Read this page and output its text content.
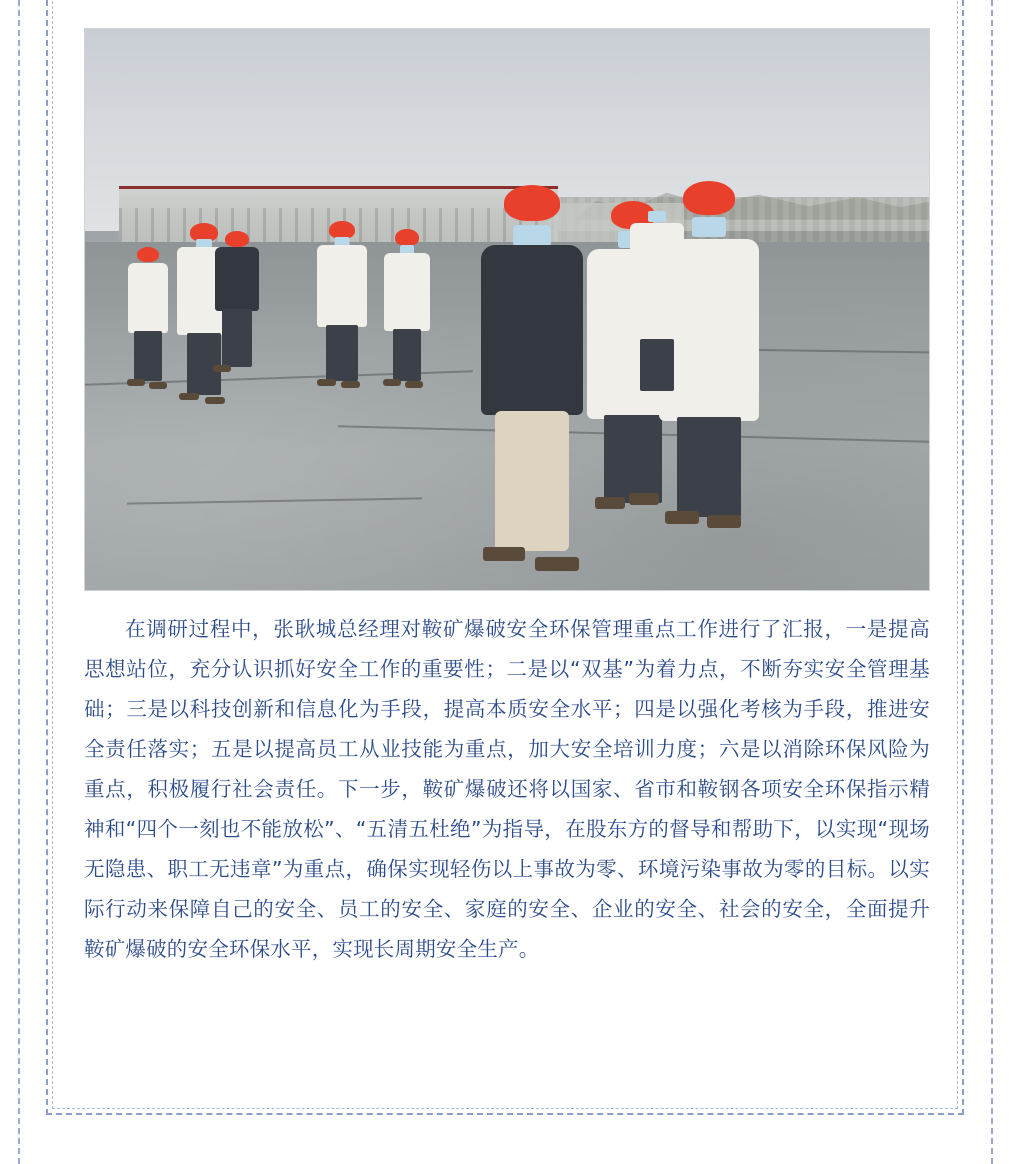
在调研过程中，张耿城总经理对鞍矿爆破安全环保管理重点工作进行了汇报，一是提高思想站位，充分认识抓好安全工作的重要性；二是以“双基”为着力点，不断夯实安全管理基础；三是以科技创新和信息化为手段，提高本质安全水平；四是以强化考核为手段，推进安全责任落实；五是以提高员工从业技能为重点，加大安全培训力度；六是以消除环保风险为重点，积极履行社会责任。下一步，鞍矿爆破还将以国家、省市和鞍钢各项安全环保指示精神和“四个一刻也不能放松”、“五清五杜绝”为指导，在股东方的督导和帮助下，以实现“现场无隐患、职工无违章”为重点，确保实现轻伤以上事故为零、环境污染事故为零的目标。以实际行动来保障自己的安全、员工的安全、家庭的安全、企业的安全、社会的安全，全面提升鞍矿爆破的安全环保水平，实现长周期安全生产。
